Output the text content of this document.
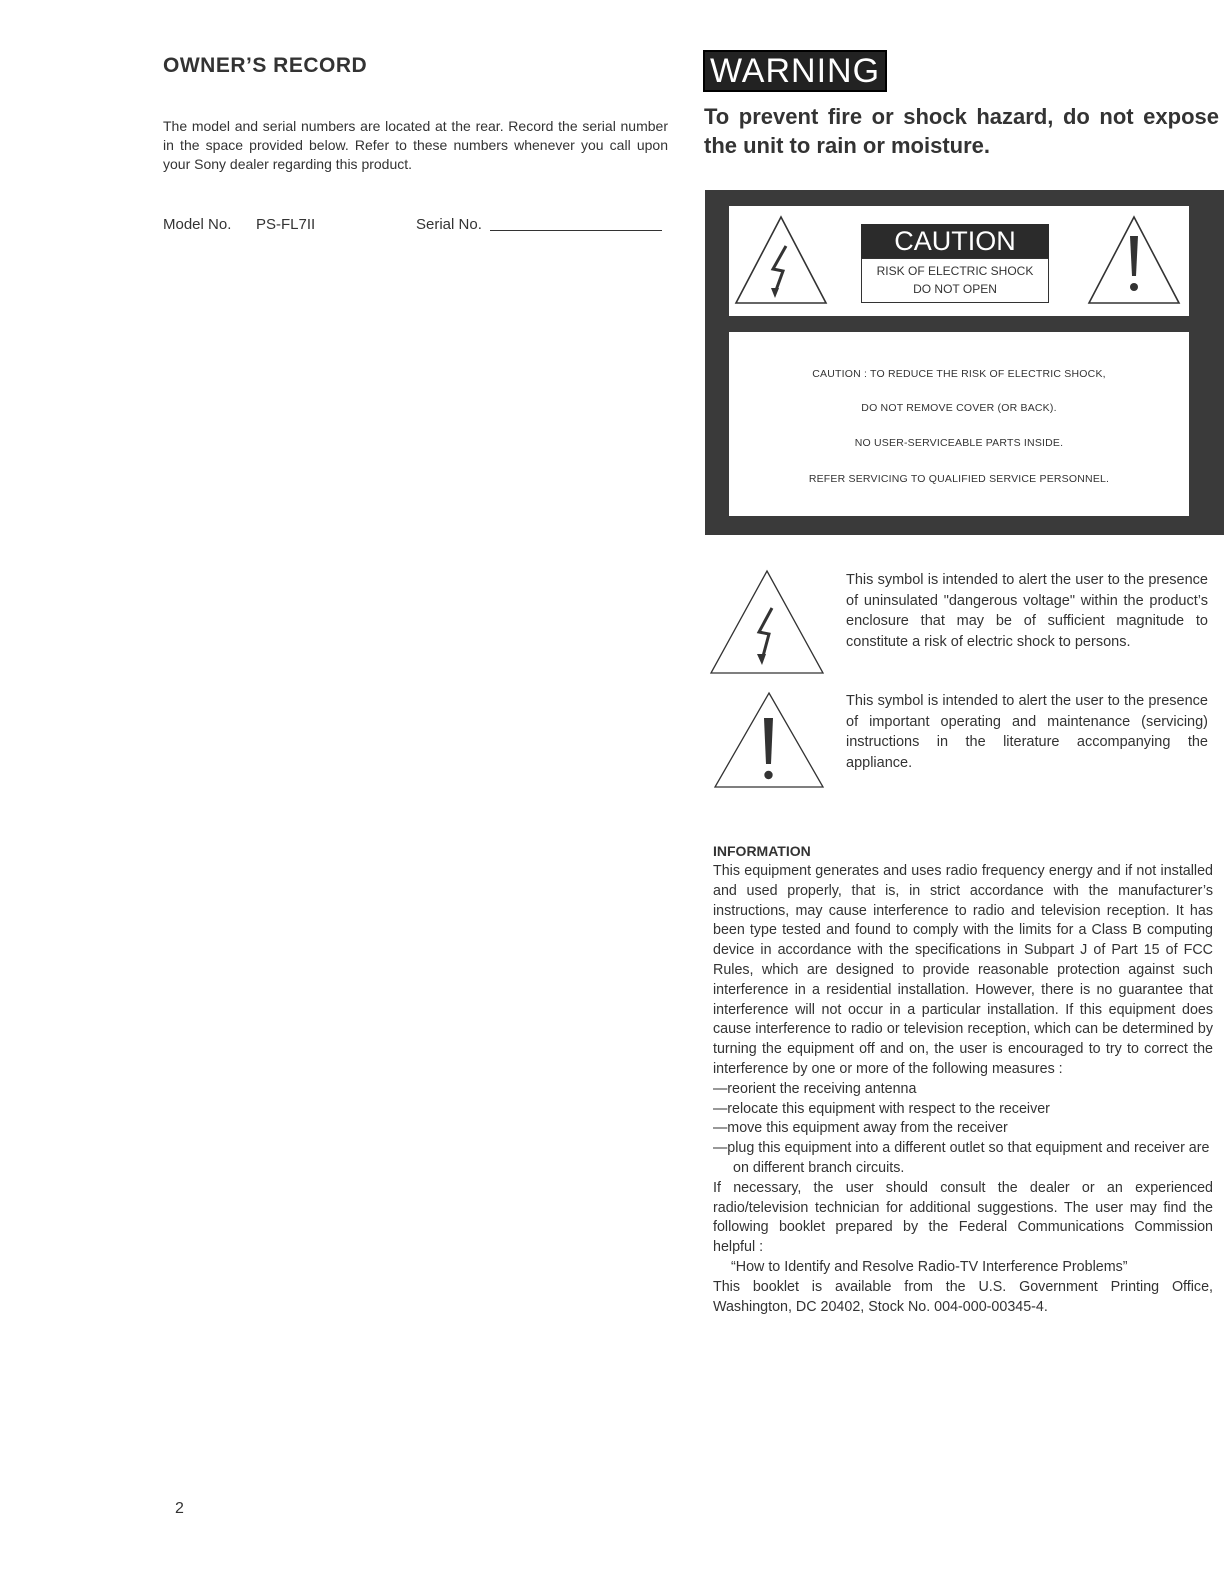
OWNER’S RECORD
The model and serial numbers are located at the rear. Record the serial number in the space provided below. Refer to these numbers whenever you call upon your Sony dealer regarding this product.
Model No. PS-FL7II	Serial No.
2
WARNING
To prevent fire or shock hazard, do not expose the unit to rain or moisture.
CAUTION
RISK OF ELECTRIC SHOCK
DO NOT OPEN
CAUTION : TO REDUCE THE RISK OF ELECTRIC SHOCK,
DO NOT REMOVE COVER (OR BACK).
NO USER-SERVICEABLE PARTS INSIDE.
REFER SERVICING TO QUALIFIED SERVICE PERSONNEL.
This symbol is intended to alert the user to the presence of uninsulated "dangerous voltage" within the product’s enclosure that may be of sufficient magnitude to constitute a risk of electric shock to persons.
This symbol is intended to alert the user to the presence of important operating and maintenance (servicing) instructions in the literature accompanying the appliance.
INFORMATION
This equipment generates and uses radio frequency energy and if not installed and used properly, that is, in strict accordance with the manufacturer’s instructions, may cause interference to radio and television reception. It has been type tested and found to comply with the limits for a Class B computing device in accordance with the specifications in Subpart J of Part 15 of FCC Rules, which are designed to provide reasonable protection against such interference in a residential installation. However, there is no guarantee that interference will not occur in a particular installation. If this equipment does cause interference to radio or television reception, which can be determined by turning the equipment off and on, the user is encouraged to try to correct the interference by one or more of the following measures :
—reorient the receiving antenna
—relocate this equipment with respect to the receiver
—move this equipment away from the receiver
—plug this equipment into a different outlet so that equipment and receiver are on different branch circuits.
If necessary, the user should consult the dealer or an experienced radio/television technician for additional suggestions. The user may find the following booklet prepared by the Federal Communications Commission helpful :
“How to Identify and Resolve Radio-TV Interference Problems”
This booklet is available from the U.S. Government Printing Office, Washington, DC 20402, Stock No. 004-000-00345-4.
